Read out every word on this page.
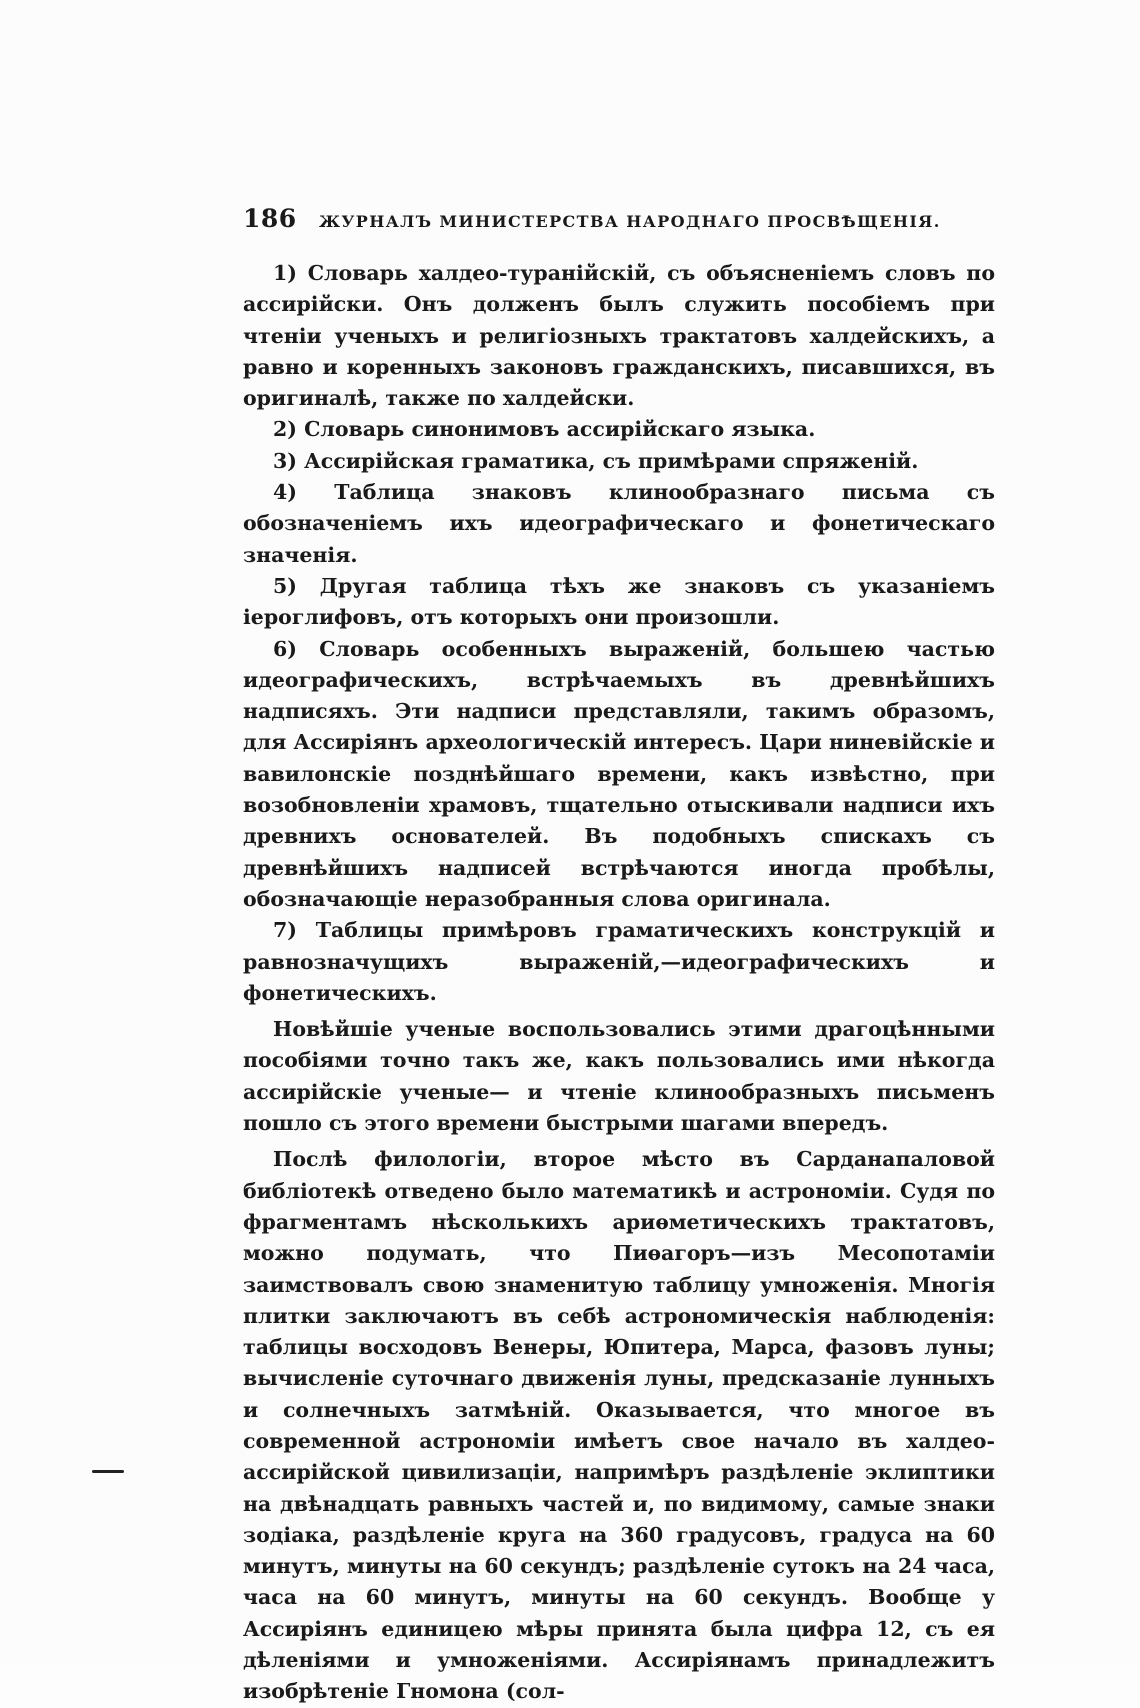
186 ЖУРНАЛЪ МИНИСТЕРСТВА НАРОДНАГО ПРОСВѢЩЕНІЯ.

1) Словарь халдео-туранійскій, съ объясненіемъ словъ по ассирійски. Онъ долженъ былъ служить пособіемъ при чтеніи ученыхъ и религіозныхъ трактатовъ халдейскихъ, а равно и коренныхъ законовъ гражданскихъ, писавшихся, въ оригиналѣ, также по халдейски.

2) Словарь синонимовъ ассирійскаго языка.

3) Ассирійская граматика, съ примѣрами спряженій.

4) Таблица знаковъ клинообразнаго письма съ обозначеніемъ ихъ идеографическаго и фонетическаго значенія.

5) Другая таблица тѣхъ же знаковъ съ указаніемъ іероглифовъ, отъ которыхъ они произошли.

6) Словарь особенныхъ выраженій, большею частью идеографическихъ, встрѣчаемыхъ въ древнѣйшихъ надписяхъ. Эти надписи представляли, такимъ образомъ, для Ассиріянъ археологическій интересъ. Цари ниневійскіе и вавилонскіе позднѣйшаго времени, какъ извѣстно, при возобновленіи храмовъ, тщательно отыскивали надписи ихъ древнихъ основателей. Въ подобныхъ спискахъ съ древнѣйшихъ надписей встрѣчаются иногда пробѣлы, обозначающіе неразобранныя слова оригинала.

7) Таблицы примѣровъ граматическихъ конструкцій и равнозначущихъ выраженій,—идеографическихъ и фонетическихъ.

Новѣйшіе ученые воспользовались этими драгоцѣнными пособіями точно такъ же, какъ пользовались ими нѣкогда ассирійскіе ученые— и чтеніе клинообразныхъ письменъ пошло съ этого времени быстрыми шагами впередъ.

Послѣ филологіи, второе мѣсто въ Сарданапаловой библіотекѣ отведено было математикѣ и астрономіи. Судя по фрагментамъ нѣсколькихъ ариѳметическихъ трактатовъ, можно подумать, что Пиѳагоръ—изъ Месопотаміи заимствовалъ свою знаменитую таблицу умноженія. Многія плитки заключаютъ въ себѣ астрономическія наблюденія: таблицы восходовъ Венеры, Юпитера, Марса, фазовъ луны; вычисленіе суточнаго движенія луны, предсказаніе лунныхъ и солнечныхъ затмѣній. Оказывается, что многое въ современной астрономіи имѣетъ свое начало въ халдео-ассирійской цивилизаціи, напримѣръ раздѣленіе эклиптики на двѣнадцать равныхъ частей и, по видимому, самые знаки зодіака, раздѣленіе круга на 360 градусовъ, градуса на 60 минутъ, минуты на 60 секундъ; раздѣленіе сутокъ на 24 часа, часа на 60 минутъ, минуты на 60 секундъ. Вообще у Ассиріянъ единицею мѣры принята была цифра 12, съ ея дѣленіями и умноженіями. Ассиріянамъ принадлежитъ изобрѣтеніе Гномона (сол-
